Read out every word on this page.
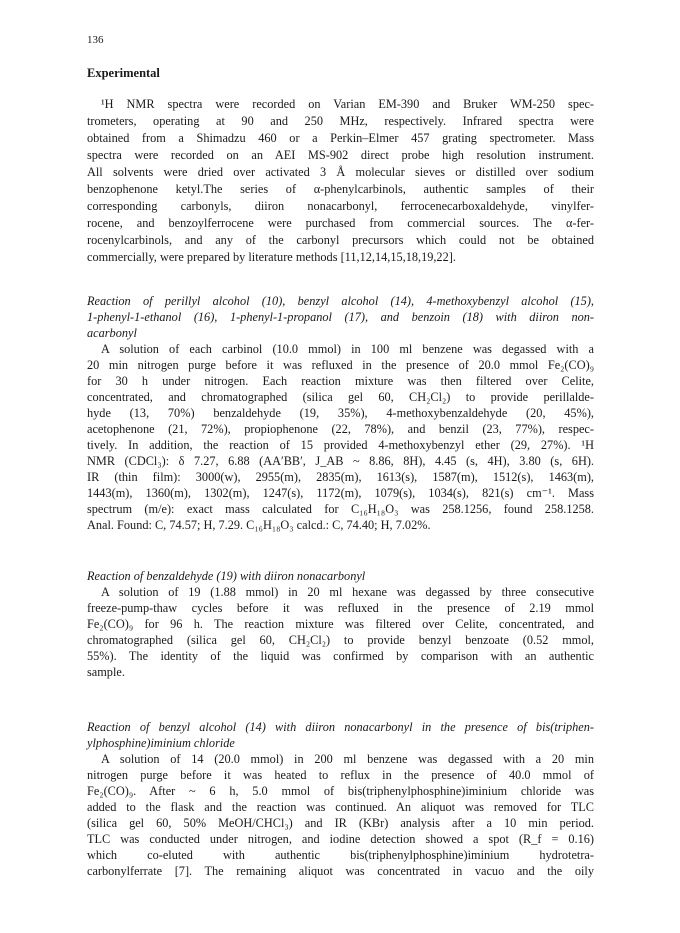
136
Experimental
¹H NMR spectra were recorded on Varian EM-390 and Bruker WM-250 spec-
trometers, operating at 90 and 250 MHz, respectively. Infrared spectra were
obtained from a Shimadzu 460 or a Perkin–Elmer 457 grating spectrometer. Mass
spectra were recorded on an AEI MS-902 direct probe high resolution instrument.
All solvents were dried over activated 3 Å molecular sieves or distilled over sodium
benzophenone ketyl.The series of α-phenylcarbinols, authentic samples of their
corresponding carbonyls, diiron nonacarbonyl, ferrocenecarboxaldehyde, vinylfer-
rocene, and benzoylferrocene were purchased from commercial sources. The α-fer-
rocenylcarbinols, and any of the carbonyl precursors which could not be obtained
commercially, were prepared by literature methods [11,12,14,15,18,19,22].
Reaction of perillyl alcohol (10), benzyl alcohol (14), 4-methoxybenzyl alcohol (15),
1-phenyl-1-ethanol (16), 1-phenyl-1-propanol (17), and benzoin (18) with diiron non-
acarbonyl
A solution of each carbinol (10.0 mmol) in 100 ml benzene was degassed with a
20 min nitrogen purge before it was refluxed in the presence of 20.0 mmol Fe₂(CO)₉
for 30 h under nitrogen. Each reaction mixture was then filtered over Celite,
concentrated, and chromatographed (silica gel 60, CH₂Cl₂) to provide perillalde-
hyde (13, 70%) benzaldehyde (19, 35%), 4-methoxybenzaldehyde (20, 45%),
acetophenone (21, 72%), propiophenone (22, 78%), and benzil (23, 77%), respec-
tively. In addition, the reaction of 15 provided 4-methoxybenzyl ether (29, 27%). ¹H
NMR (CDCl₃): δ 7.27, 6.88 (AA′BB′, J_AB ~ 8.86, 8H), 4.45 (s, 4H), 3.80 (s, 6H).
IR (thin film): 3000(w), 2955(m), 2835(m), 1613(s), 1587(m), 1512(s), 1463(m),
1443(m), 1360(m), 1302(m), 1247(s), 1172(m), 1079(s), 1034(s), 821(s) cm⁻¹. Mass
spectrum (m/e): exact mass calculated for C₁₆H₁₈O₃ was 258.1256, found 258.1258.
Anal. Found: C, 74.57; H, 7.29. C₁₆H₁₈O₃ calcd.: C, 74.40; H, 7.02%.
Reaction of benzaldehyde (19) with diiron nonacarbonyl
A solution of 19 (1.88 mmol) in 20 ml hexane was degassed by three consecutive
freeze-pump-thaw cycles before it was refluxed in the presence of 2.19 mmol
Fe₂(CO)₉ for 96 h. The reaction mixture was filtered over Celite, concentrated, and
chromatographed (silica gel 60, CH₂Cl₂) to provide benzyl benzoate (0.52 mmol,
55%). The identity of the liquid was confirmed by comparison with an authentic
sample.
Reaction of benzyl alcohol (14) with diiron nonacarbonyl in the presence of bis(triphen-
ylphosphine)iminium chloride
A solution of 14 (20.0 mmol) in 200 ml benzene was degassed with a 20 min
nitrogen purge before it was heated to reflux in the presence of 40.0 mmol of
Fe₂(CO)₉. After ~ 6 h, 5.0 mmol of bis(triphenylphosphine)iminium chloride was
added to the flask and the reaction was continued. An aliquot was removed for TLC
(silica gel 60, 50% MeOH/CHCl₃) and IR (KBr) analysis after a 10 min period.
TLC was conducted under nitrogen, and iodine detection showed a spot (R_f = 0.16)
which co-eluted with authentic bis(triphenylphosphine)iminium hydrotetra-
carbonylferrate [7]. The remaining aliquot was concentrated in vacuo and the oily
